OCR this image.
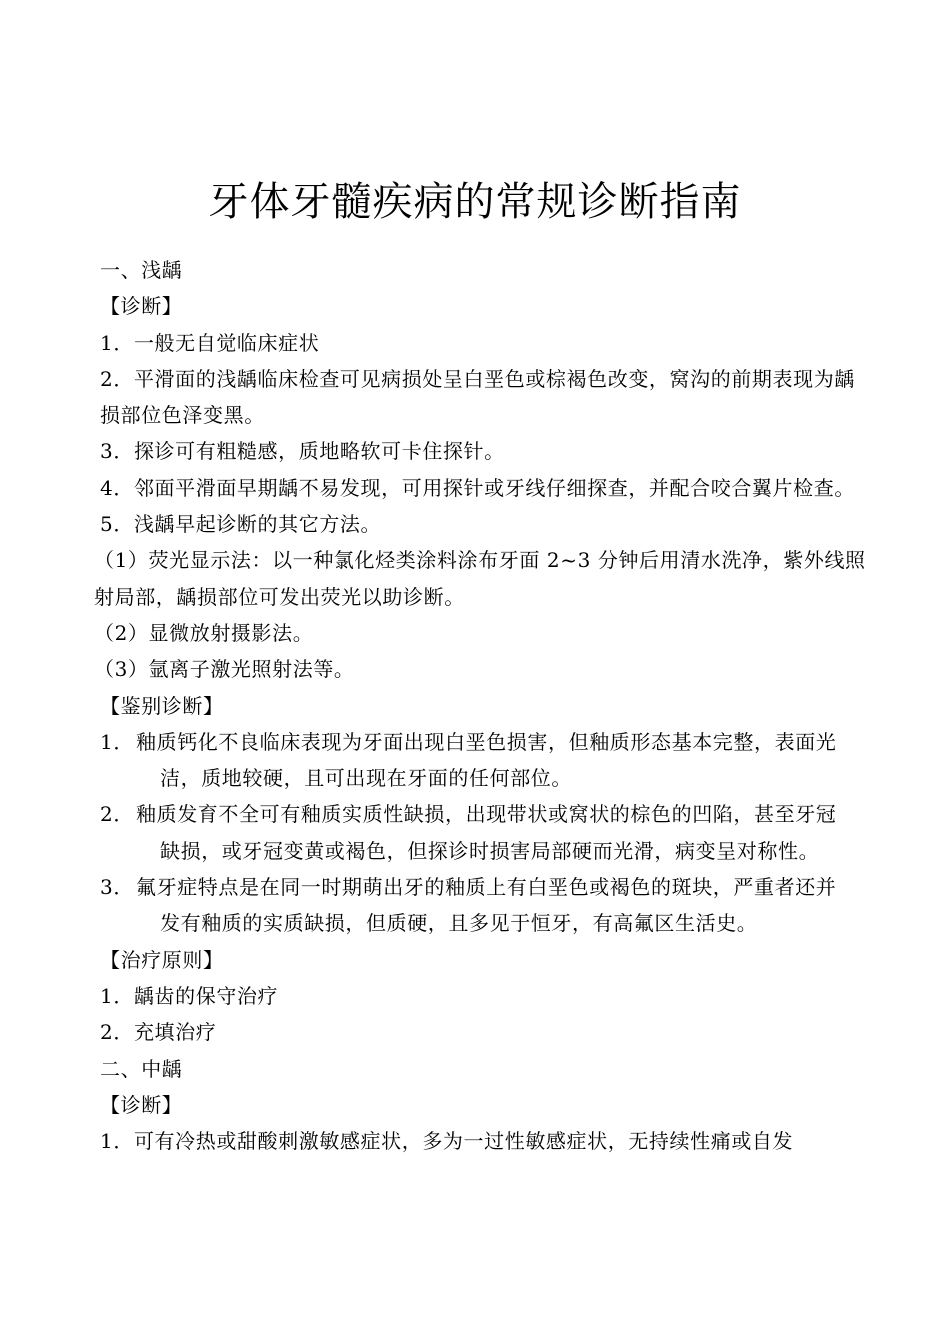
牙体牙髓疾病的常规诊断指南
一、浅龋
【诊断】
1．一般无自觉临床症状
2．平滑面的浅龋临床检查可见病损处呈白垩色或棕褐色改变，窝沟的前期表现为龋损部位色泽变黑。
3．探诊可有粗糙感，质地略软可卡住探针。
4．邻面平滑面早期龋不易发现，可用探针或牙线仔细探查，并配合咬合翼片检查。
5．浅龋早起诊断的其它方法。
（1）荧光显示法：以一种氯化烃类涂料涂布牙面 2~3 分钟后用清水洗净，紫外线照射局部，龋损部位可发出荧光以助诊断。
（2）显微放射摄影法。
（3）氩离子激光照射法等。
【鉴别诊断】
1． 釉质钙化不良临床表现为牙面出现白垩色损害，但釉质形态基本完整，表面光洁，质地较硬，且可出现在牙面的任何部位。
2． 釉质发育不全可有釉质实质性缺损，出现带状或窝状的棕色的凹陷，甚至牙冠缺损，或牙冠变黄或褐色，但探诊时损害局部硬而光滑，病变呈对称性。
3． 氟牙症特点是在同一时期萌出牙的釉质上有白垩色或褐色的斑块，严重者还并发有釉质的实质缺损，但质硬，且多见于恒牙，有高氟区生活史。
【治疗原则】
1．龋齿的保守治疗
2．充填治疗
二、中龋
【诊断】
1．可有冷热或甜酸刺激敏感症状，多为一过性敏感症状，无持续性痛或自发
